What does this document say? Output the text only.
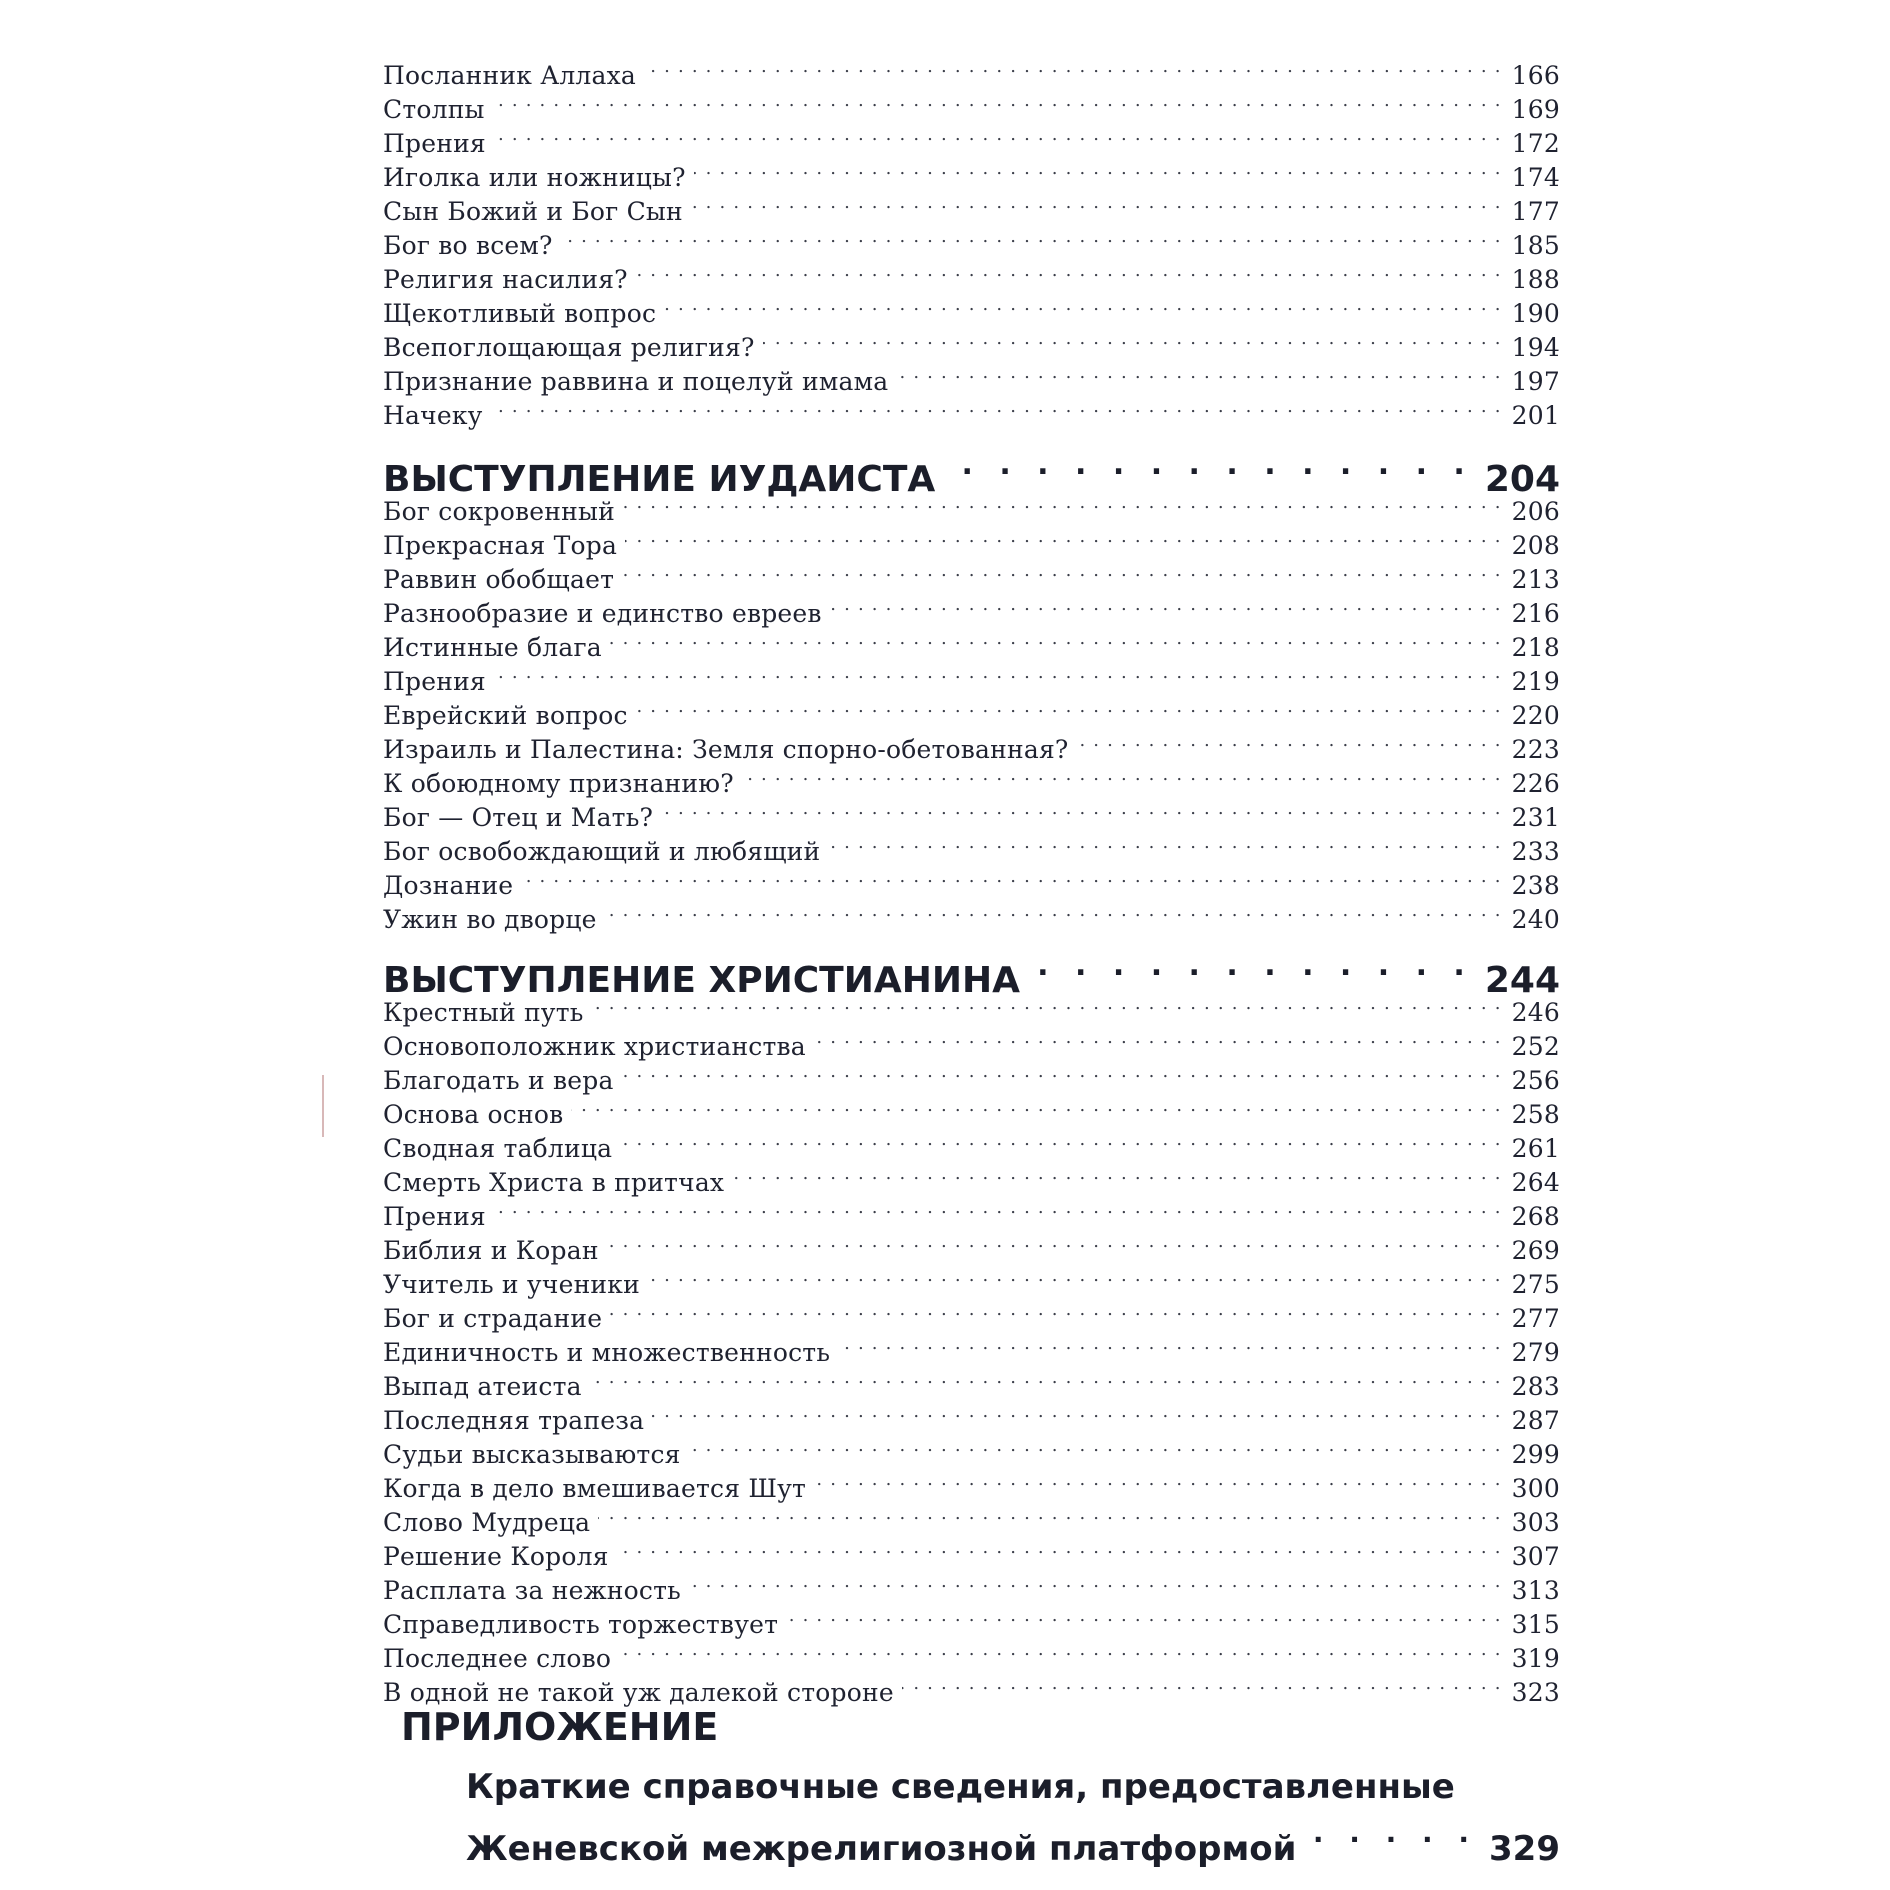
Посланник Аллаха . . .	166
Столпы . . .	169
Прения . . .	172
Иголка или ножницы? . . .	174
Сын Божий и Бог Сын . . .	177
Бог во всем? . . .	185
Религия насилия? . . .	188
Щекотливый вопрос . . .	190
Всепоглощающая религия? . . .	194
Признание раввина и поцелуй имама . . .	197
Начеку . . .	201
ВЫСТУПЛЕНИЕ ИУДАИСТА . . .	204
Бог сокровенный . . .	206
Прекрасная Тора . . .	208
Раввин обобщает . . .	213
Разнообразие и единство евреев . . .	216
Истинные блага . . .	218
Прения . . .	219
Еврейский вопрос . . .	220
Израиль и Палестина: Земля спорно-обетованная? . . .	223
К обоюдному признанию? . . .	226
Бог — Отец и Мать? . . .	231
Бог освобождающий и любящий . . .	233
Дознание . . .	238
Ужин во дворце . . .	240
ВЫСТУПЛЕНИЕ ХРИСТИАНИНА . . .	244
Крестный путь . . .	246
Основоположник христианства . . .	252
Благодать и вера . . .	256
Основа основ . . .	258
Сводная таблица . . .	261
Смерть Христа в притчах . . .	264
Прения . . .	268
Библия и Коран . . .	269
Учитель и ученики . . .	275
Бог и страдание . . .	277
Единичность и множественность . . .	279
Выпад атеиста . . .	283
Последняя трапеза . . .	287
Судьи высказываются . . .	299
Когда в дело вмешивается Шут . . .	300
Слово Мудреца . . .	303
Решение Короля . . .	307
Расплата за нежность . . .	313
Справедливость торжествует . . .	315
Последнее слово . . .	319
В одной не такой уж далекой стороне . . .	323
ПРИЛОЖЕНИЕ
Краткие справочные сведения, предоставленные
Женевской межрелигиозной платформой . . .	329
